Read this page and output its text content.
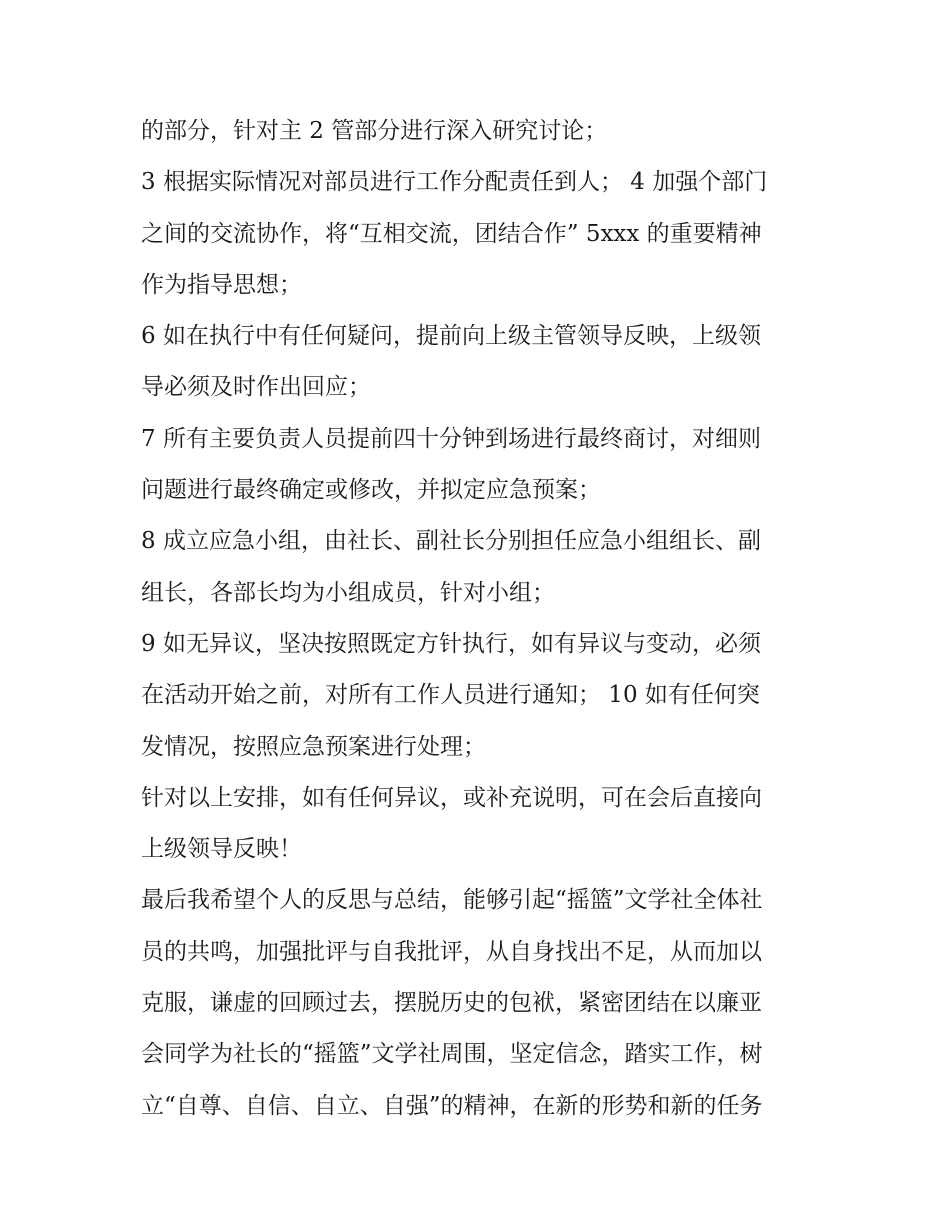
的部分，针对主 2 管部分进行深入研究讨论；
3 根据实际情况对部员进行工作分配责任到人； 4 加强个部门
之间的交流协作，将“互相交流，团结合作” 5xxx 的重要精神
作为指导思想；
6 如在执行中有任何疑问，提前向上级主管领导反映，上级领
导必须及时作出回应；
7 所有主要负责人员提前四十分钟到场进行最终商讨，对细则
问题进行最终确定或修改，并拟定应急预案；
8 成立应急小组，由社长、副社长分别担任应急小组组长、副
组长，各部长均为小组成员，针对小组；
9 如无异议，坚决按照既定方针执行，如有异议与变动，必须
在活动开始之前，对所有工作人员进行通知； 10 如有任何突
发情况，按照应急预案进行处理；
针对以上安排，如有任何异议，或补充说明，可在会后直接向
上级领导反映！
最后我希望个人的反思与总结，能够引起“摇篮”文学社全体社
员的共鸣，加强批评与自我批评，从自身找出不足，从而加以
克服，谦虚的回顾过去，摆脱历史的包袱，紧密团结在以廉亚
会同学为社长的“摇篮”文学社周围，坚定信念，踏实工作，树
立“自尊、自信、自立、自强”的精神，在新的形势和新的任务
